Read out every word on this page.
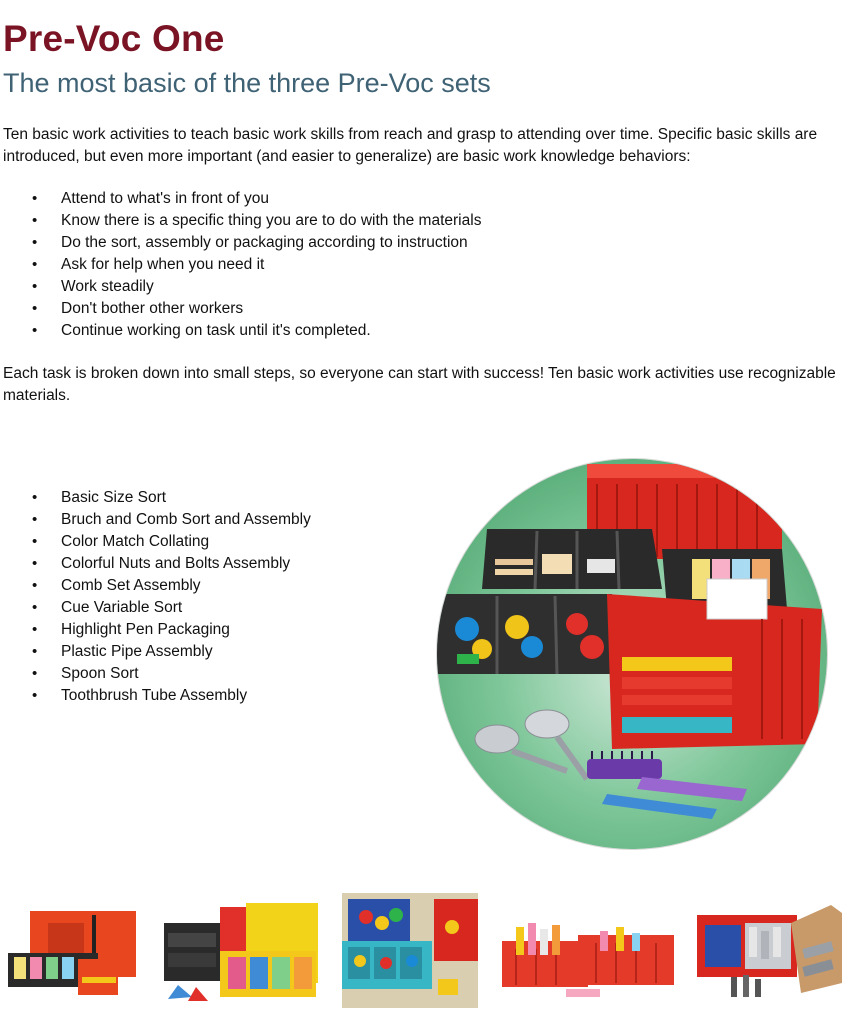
Pre-Voc One
The most basic of the three Pre-Voc sets

Ten basic work activities to teach basic work skills from reach and grasp to attending over time. Specific basic skills are introduced, but even more important (and easier to generalize) are basic work knowledge behaviors:

• Attend to what's in front of you
• Know there is a specific thing you are to do with the materials
• Do the sort, assembly or packaging according to instruction
• Ask for help when you need it
• Work steadily
• Don't bother other workers
• Continue working on task until it's completed.

Each task is broken down into small steps, so everyone can start with success! Ten basic work activities use recognizable materials.

• Basic Size Sort
• Bruch and Comb Sort and Assembly
• Color Match Collating
• Colorful Nuts and Bolts Assembly
• Comb Set Assembly
• Cue Variable Sort
• Highlight Pen Packaging
• Plastic Pipe Assembly
• Spoon Sort
• Toothbrush Tube Assembly
